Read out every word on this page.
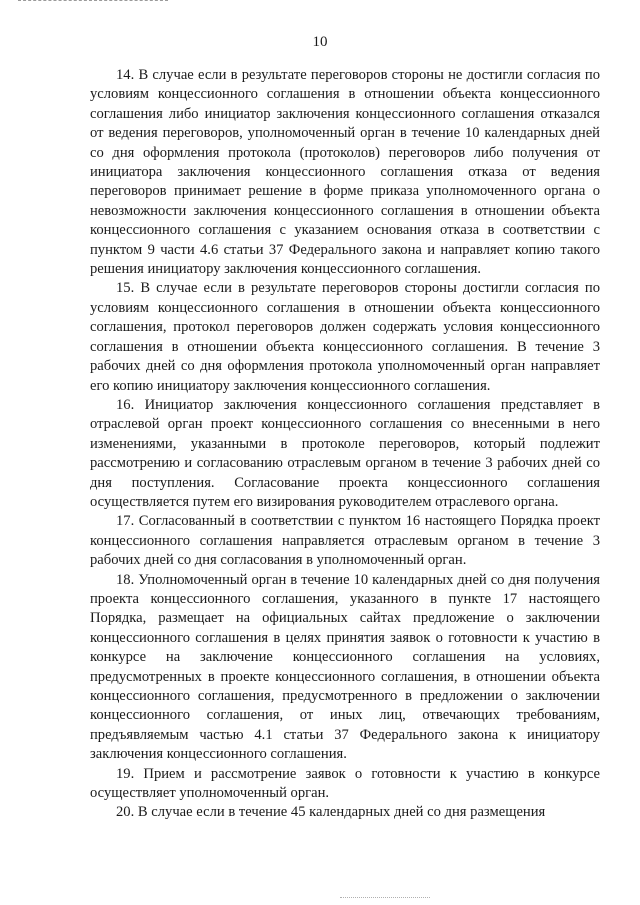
10

14. В случае если в результате переговоров стороны не достигли согласия по условиям концессионного соглашения в отношении объекта концессионного соглашения либо инициатор заключения концессионного соглашения отказался от ведения переговоров, уполномоченный орган в течение 10 календарных дней со дня оформления протокола (протоколов) переговоров либо получения от инициатора заключения концессионного соглашения отказа от ведения переговоров принимает решение в форме приказа уполномоченного органа о невозможности заключения концессионного соглашения в отношении объекта концессионного соглашения с указанием основания отказа в соответствии с пунктом 9 части 4.6 статьи 37 Федерального закона и направляет копию такого решения инициатору заключения концессионного соглашения.

15. В случае если в результате переговоров стороны достигли согласия по условиям концессионного соглашения в отношении объекта концессионного соглашения, протокол переговоров должен содержать условия концессионного соглашения в отношении объекта концессионного соглашения. В течение 3 рабочих дней со дня оформления протокола уполномоченный орган направляет его копию инициатору заключения концессионного соглашения.

16. Инициатор заключения концессионного соглашения представляет в отраслевой орган проект концессионного соглашения со внесенными в него изменениями, указанными в протоколе переговоров, который подлежит рассмотрению и согласованию отраслевым органом в течение 3 рабочих дней со дня поступления. Согласование проекта концессионного соглашения осуществляется путем его визирования руководителем отраслевого органа.

17. Согласованный в соответствии с пунктом 16 настоящего Порядка проект концессионного соглашения направляется отраслевым органом в течение 3 рабочих дней со дня согласования в уполномоченный орган.

18. Уполномоченный орган в течение 10 календарных дней со дня получения проекта концессионного соглашения, указанного в пункте 17 настоящего Порядка, размещает на официальных сайтах предложение о заключении концессионного соглашения в целях принятия заявок о готовности к участию в конкурсе на заключение концессионного соглашения на условиях, предусмотренных в проекте концессионного соглашения, в отношении объекта концессионного соглашения, предусмотренного в предложении о заключении концессионного соглашения, от иных лиц, отвечающих требованиям, предъявляемым частью 4.1 статьи 37 Федерального закона к инициатору заключения концессионного соглашения.

19. Прием и рассмотрение заявок о готовности к участию в конкурсе осуществляет уполномоченный орган.

20. В случае если в течение 45 календарных дней со дня размещения
